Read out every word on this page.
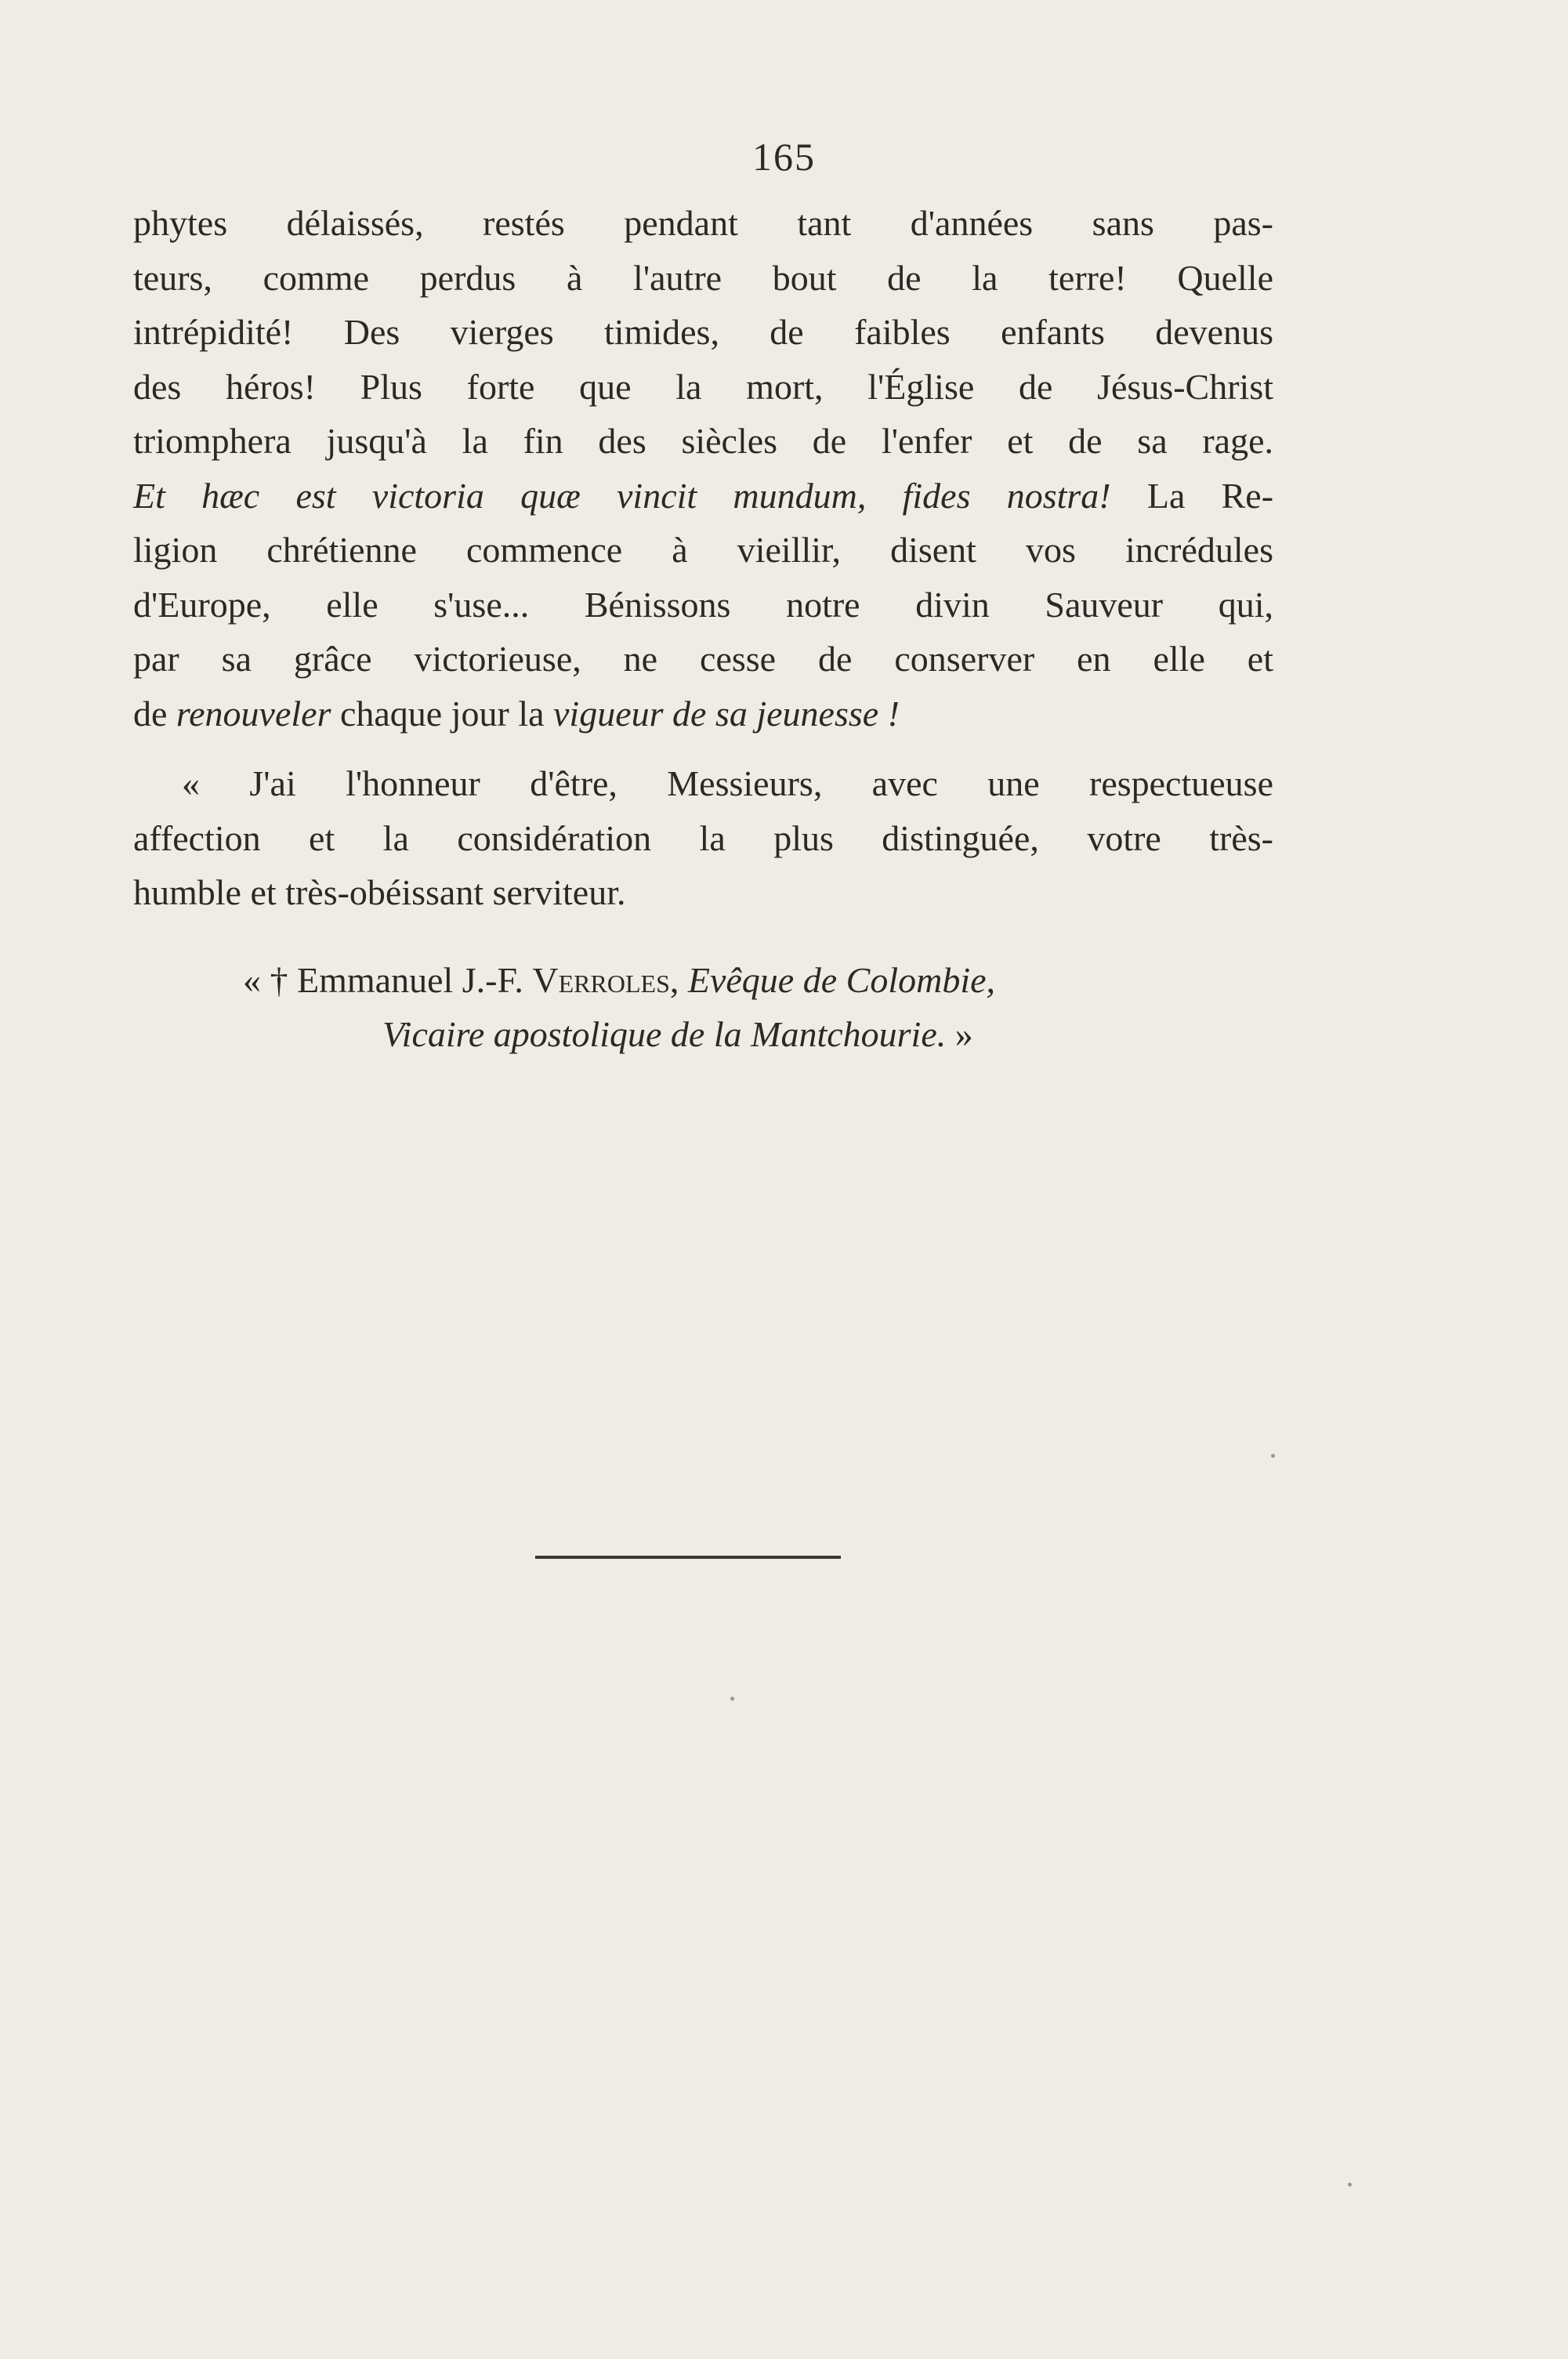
165
phytes délaissés, restés pendant tant d'années sans pas-
teurs, comme perdus à l'autre bout de la terre! Quelle
intrépidité! Des vierges timides, de faibles enfants devenus
des héros! Plus forte que la mort, l'Église de Jésus-Christ
triomphera jusqu'à la fin des siècles de l'enfer et de sa rage.
Et hæc est victoria quæ vincit mundum, fides nostra! La Re-
ligion chrétienne commence à vieillir, disent vos incrédules
d'Europe, elle s'use... Bénissons notre divin Sauveur qui,
par sa grâce victorieuse, ne cesse de conserver en elle et
de renouveler chaque jour la vigueur de sa jeunesse !
« J'ai l'honneur d'être, Messieurs, avec une respectueuse
affection et la considération la plus distinguée, votre très-
humble et très-obéissant serviteur.
« † Emmanuel J.-F. Verroles, Evêque de Colombie,
Vicaire apostolique de la Mantchourie. »
